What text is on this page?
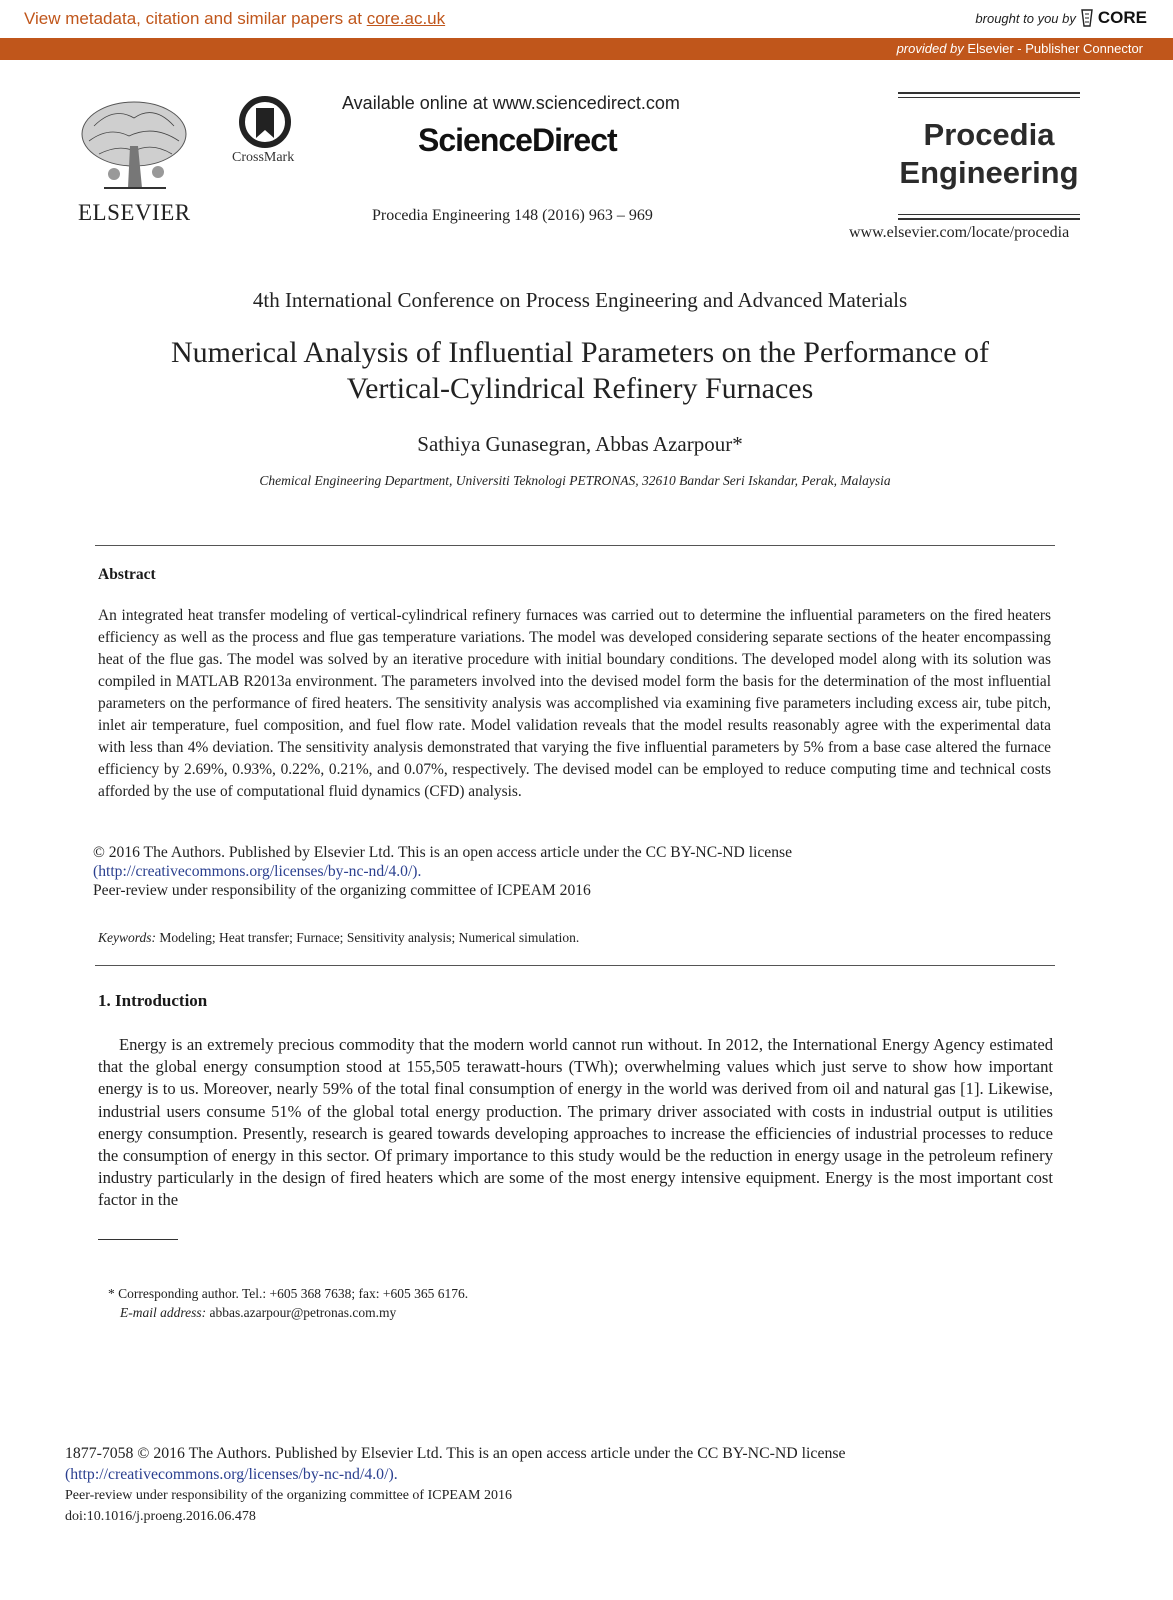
View metadata, citation and similar papers at core.ac.uk	brought to you by CORE
provided by Elsevier - Publisher Connector
ELSEVIER
CrossMark
Available online at www.sciencedirect.com
ScienceDirect
Procedia Engineering 148 (2016) 963 – 969
Procedia
Engineering
www.elsevier.com/locate/procedia
4th International Conference on Process Engineering and Advanced Materials
Numerical Analysis of Influential Parameters on the Performance of
Vertical-Cylindrical Refinery Furnaces
Sathiya Gunasegran, Abbas Azarpour*
Chemical Engineering Department, Universiti Teknologi PETRONAS, 32610 Bandar Seri Iskandar, Perak, Malaysia
Abstract
An integrated heat transfer modeling of vertical-cylindrical refinery furnaces was carried out to determine the influential parameters on the fired heaters efficiency as well as the process and flue gas temperature variations. The model was developed considering separate sections of the heater encompassing heat of the flue gas. The model was solved by an iterative procedure with initial boundary conditions. The developed model along with its solution was compiled in MATLAB R2013a environment. The parameters involved into the devised model form the basis for the determination of the most influential parameters on the performance of fired heaters. The sensitivity analysis was accomplished via examining five parameters including excess air, tube pitch, inlet air temperature, fuel composition, and fuel flow rate. Model validation reveals that the model results reasonably agree with the experimental data with less than 4% deviation. The sensitivity analysis demonstrated that varying the five influential parameters by 5% from a base case altered the furnace efficiency by 2.69%, 0.93%, 0.22%, 0.21%, and 0.07%, respectively. The devised model can be employed to reduce computing time and technical costs afforded by the use of computational fluid dynamics (CFD) analysis.
© 2016 The Authors. Published by Elsevier Ltd. This is an open access article under the CC BY-NC-ND license
(http://creativecommons.org/licenses/by-nc-nd/4.0/).
Peer-review under responsibility of the organizing committee of ICPEAM 2016
Keywords: Modeling; Heat transfer; Furnace; Sensitivity analysis; Numerical simulation.
1. Introduction
Energy is an extremely precious commodity that the modern world cannot run without. In 2012, the International Energy Agency estimated that the global energy consumption stood at 155,505 terawatt-hours (TWh); overwhelming values which just serve to show how important energy is to us. Moreover, nearly 59% of the total final consumption of energy in the world was derived from oil and natural gas [1]. Likewise, industrial users consume 51% of the global total energy production. The primary driver associated with costs in industrial output is utilities energy consumption. Presently, research is geared towards developing approaches to increase the efficiencies of industrial processes to reduce the consumption of energy in this sector. Of primary importance to this study would be the reduction in energy usage in the petroleum refinery industry particularly in the design of fired heaters which are some of the most energy intensive equipment. Energy is the most important cost factor in the
* Corresponding author. Tel.: +605 368 7638; fax: +605 365 6176.
E-mail address: abbas.azarpour@petronas.com.my
1877-7058 © 2016 The Authors. Published by Elsevier Ltd. This is an open access article under the CC BY-NC-ND license
(http://creativecommons.org/licenses/by-nc-nd/4.0/).
Peer-review under responsibility of the organizing committee of ICPEAM 2016
doi:10.1016/j.proeng.2016.06.478
